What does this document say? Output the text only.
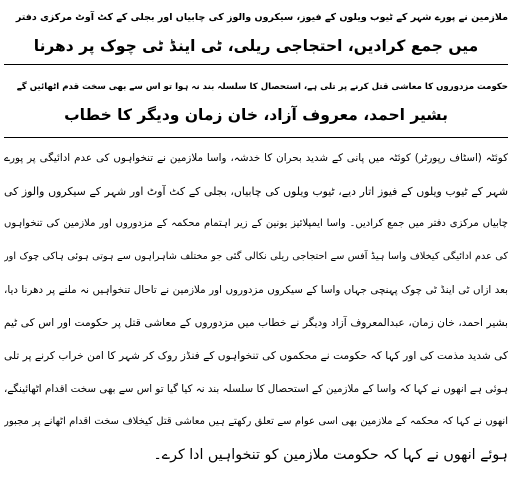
ملازمین نے پورے شہر کے ٹیوب ویلوں کے فیوز، سیکروں والوز کی چابیاں اور بجلی کے کٹ آوٹ مرکزی دفتر
میں جمع کرادیں، احتجاجی ریلی، ٹی اینڈ ٹی چوک پر دھرنا
حکومت مزدوروں کا معاشی قتل کرنے پر تلی ہے، استحصال کا سلسلہ بند نہ ہوا تو اس سے بھی سخت قدم اٹھائیں گے
بشیر احمد، معروف آزاد، خان زمان ودیگر کا خطاب
کوئٹہ (اسٹاف رپورٹر) کوئٹہ میں پانی کے شدید بحران کا خدشہ، واسا ملازمین نے تنخواہوں کی عدم ادائیگی پر پورے
شہر کے ٹیوب ویلوں کے فیوز اتار دیے، ٹیوب ویلوں کی چابیاں، بجلی کے کٹ آوٹ اور شہر کے سیکروں والوز کی
چابیاں مرکزی دفتر میں جمع کرادیں۔ واسا ایمپلائیز یونین کے زیر اہتمام محکمہ کے مزدوروں اور ملازمین کی تنخواہوں
کی عدم ادائیگی کیخلاف واسا ہیڈ آفس سے احتجاجی ریلی نکالی گئی جو مختلف شاہراہوں سے ہوتی ہوئی ہاکی چوک اور
بعد ازاں ٹی اینڈ ٹی چوک پہنچی جہاں واسا کے سیکروں مزدوروں اور ملازمین نے تاحال تنخواہیں نہ ملنے پر دھرنا دیا،
بشیر احمد، خان زمان، عبدالمعروف آزاد ودیگر نے خطاب میں مزدوروں کے معاشی قتل پر حکومت اور اس کی ٹیم
کی شدید مذمت کی اور کہا کہ حکومت نے محکموں کی تنخواہوں کے فنڈز روک کر شہر کا امن خراب کرنے پر تلی
ہوئی ہے انھوں نے کہا کہ واسا کے ملازمین کے استحصال کا سلسلہ بند نہ کیا گیا تو اس سے بھی سخت اقدام اٹھائینگے،
انھوں نے کہا کہ محکمہ کے ملازمین بھی اسی عوام سے تعلق رکھتے ہیں معاشی قتل کیخلاف سخت اقدام اٹھانے پر مجبور
ہوئے انھوں نے کہا کہ حکومت ملازمین کو تنخواہیں ادا کرے۔
